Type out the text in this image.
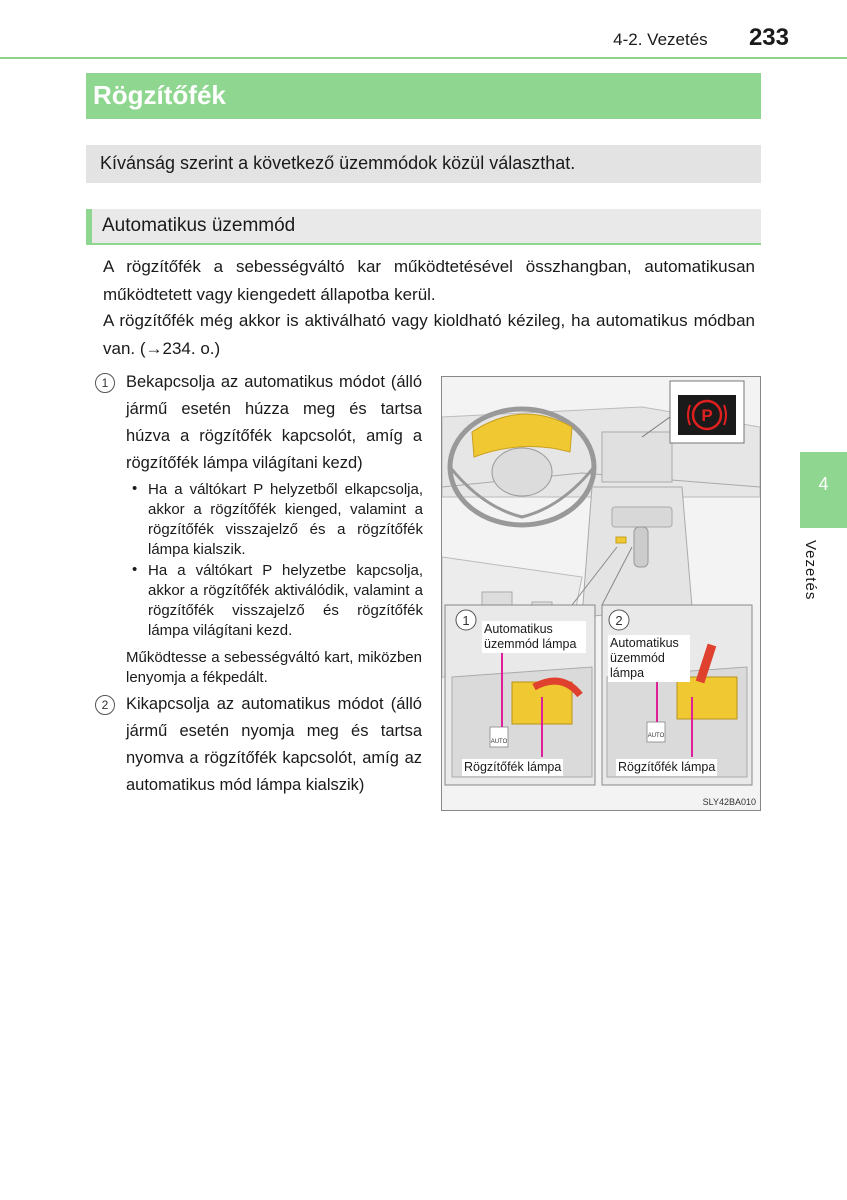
4-2. Vezetés 233
Rögzítőfék
Kívánság szerint a következő üzemmódok közül választhat.
Automatikus üzemmód
A rögzítőfék a sebességváltó kar működtetésével összhangban, automatikusan működtetett vagy kiengedett állapotba kerül.
A rögzítőfék még akkor is aktiválható vagy kioldható kézileg, ha automatikus módban van. (→234. o.)
1	Bekapcsolja az automatikus módot (álló jármű esetén húzza meg és tartsa húzva a rögzítőfék kapcsolót, amíg a rögzítőfék lámpa világítani kezd)
• Ha a váltókart P helyzetből elkapcsolja, akkor a rögzítőfék kienged, valamint a rögzítőfék visszajelző és a rögzítőfék lámpa kialszik.
• Ha a váltókart P helyzetbe kapcsolja, akkor a rögzítőfék aktiválódik, valamint a rögzítőfék visszajelző és rögzítőfék lámpa világítani kezd.
Működtesse a sebességváltó kart, miközben lenyomja a fékpedált.
2	Kikapcsolja az automatikus módot (álló jármű esetén nyomja meg és tartsa nyomva a rögzítőfék kapcsolót, amíg az automatikus mód lámpa kialszik)
4
Vezetés
P
AUTO
AUTO
1	2
Automatikus üzemmód lámpa
Rögzítőfék lámpa
Automatikus üzemmód lámpa
Rögzítőfék lámpa
SLY42BA010
